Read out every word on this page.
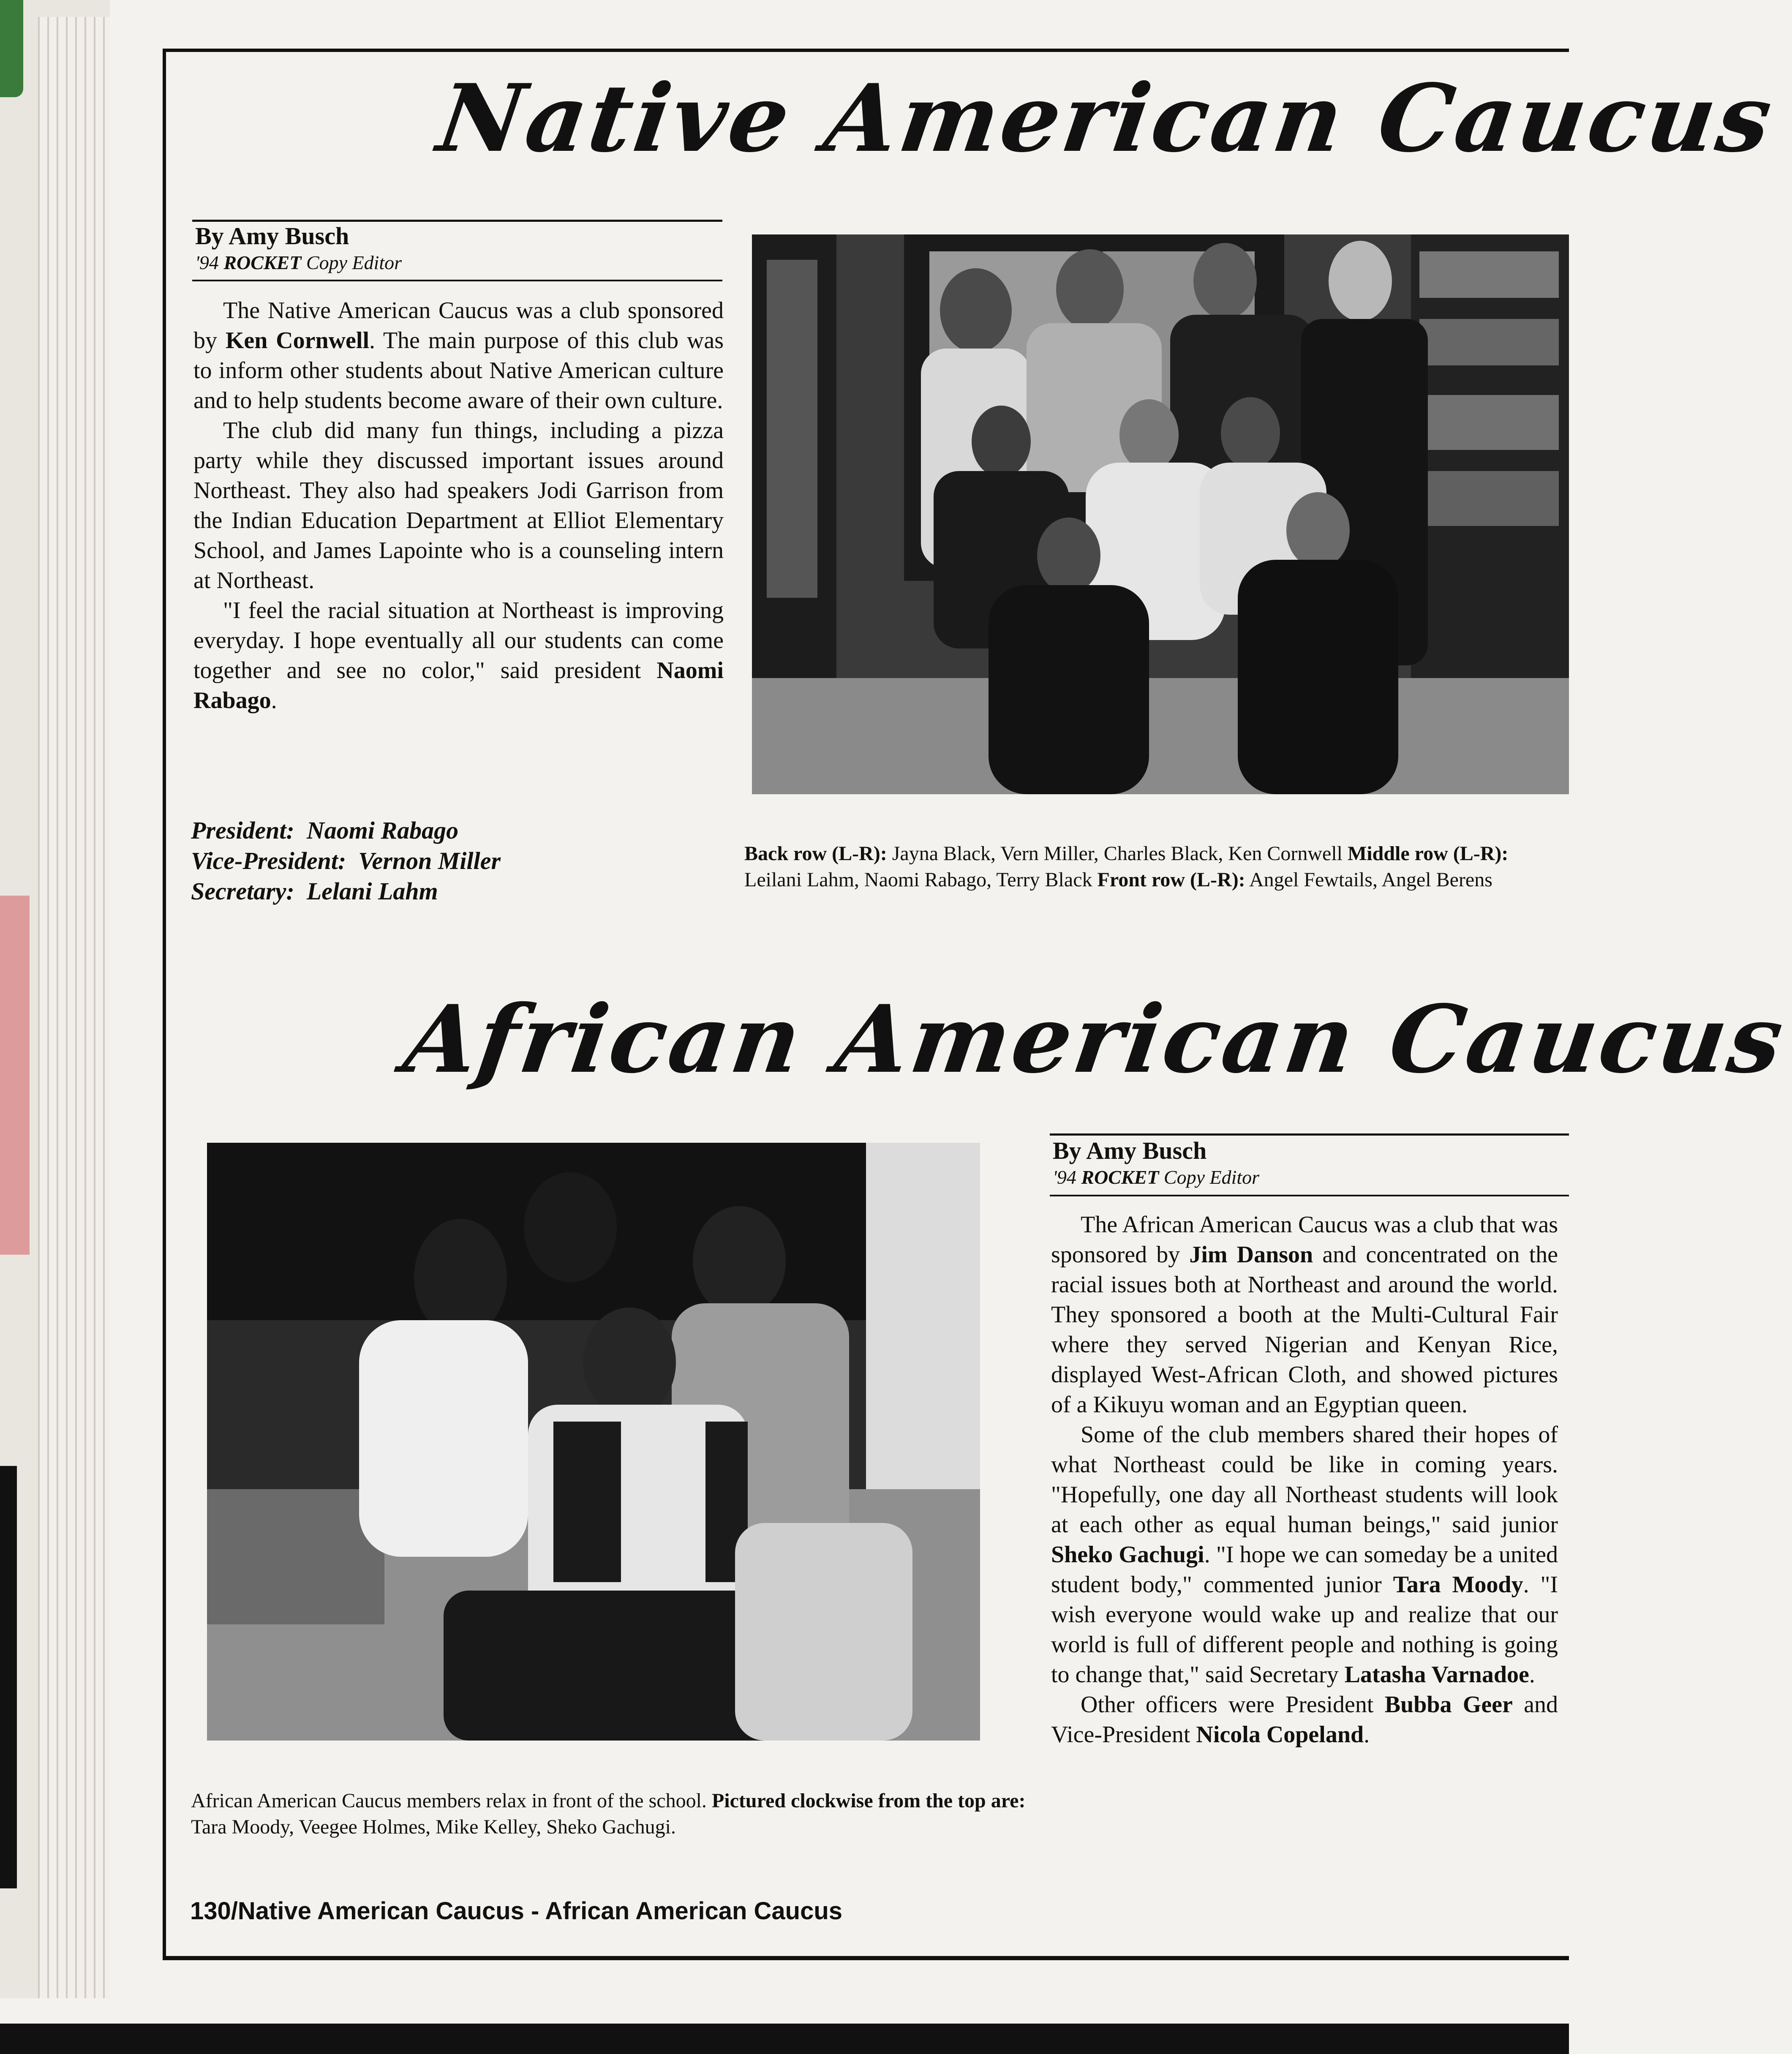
Native American Caucus
By Amy Busch
'94 ROCKET Copy Editor

The Native American Caucus was a club sponsored by Ken Cornwell. The main purpose of this club was to inform other students about Native American culture and to help students become aware of their own culture.

The club did many fun things, including a pizza party while they discussed important issues around Northeast. They also had speakers Jodi Garrison from the Indian Education Department at Elliot Elementary School, and James Lapointe who is a counseling intern at Northeast.

"I feel the racial situation at Northeast is improving everyday. I hope eventually all our students can come together and see no color," said president Naomi Rabago.

President: Naomi Rabago
Vice-President: Vernon Miller
Secretary: Lelani Lahm
Back row (L-R): Jayna Black, Vern Miller, Charles Black, Ken Cornwell Middle row (L-R): Leilani Lahm, Naomi Rabago, Terry Black Front row (L-R): Angel Fewtails, Angel Berens
African American Caucus
African American Caucus members relax in front of the school. Pictured clockwise from the top are: Tara Moody, Veegee Holmes, Mike Kelley, Sheko Gachugi.
By Amy Busch
'94 ROCKET Copy Editor

The African American Caucus was a club that was sponsored by Jim Danson and concentrated on the racial issues both at Northeast and around the world. They sponsored a booth at the Multi-Cultural Fair where they served Nigerian and Kenyan Rice, displayed West-African Cloth, and showed pictures of a Kikuyu woman and an Egyptian queen.

Some of the club members shared their hopes of what Northeast could be like in coming years. "Hopefully, one day all Northeast students will look at each other as equal human beings," said junior Sheko Gachugi. "I hope we can someday be a united student body," commented junior Tara Moody. "I wish everyone would wake up and realize that our world is full of different people and nothing is going to change that," said Secretary Latasha Varnadoe.

Other officers were President Bubba Geer and Vice-President Nicola Copeland.

130/Native American Caucus - African American Caucus
